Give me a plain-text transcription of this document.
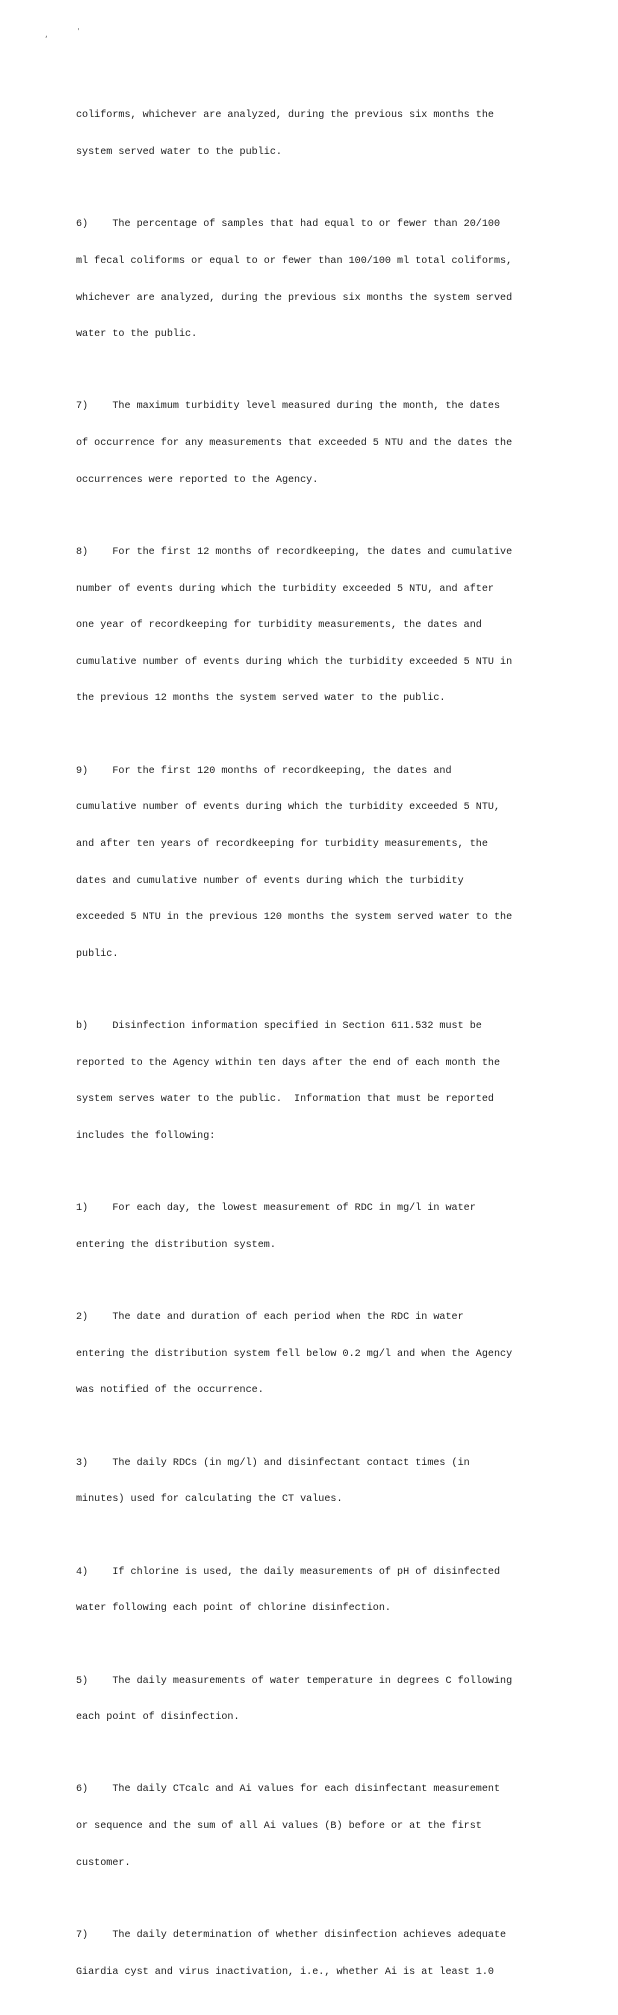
,	'

coliforms, whichever are analyzed, during the previous six months the

system served water to the public.

6)    The percentage of samples that had equal to or fewer than 20/100

ml fecal coliforms or equal to or fewer than 100/100 ml total coliforms,

whichever are analyzed, during the previous six months the system served

water to the public.

7)    The maximum turbidity level measured during the month, the dates

of occurrence for any measurements that exceeded 5 NTU and the dates the

occurrences were reported to the Agency.

8)    For the first 12 months of recordkeeping, the dates and cumulative

number of events during which the turbidity exceeded 5 NTU, and after

one year of recordkeeping for turbidity measurements, the dates and

cumulative number of events during which the turbidity exceeded 5 NTU in

the previous 12 months the system served water to the public.

9)    For the first 120 months of recordkeeping, the dates and

cumulative number of events during which the turbidity exceeded 5 NTU,

and after ten years of recordkeeping for turbidity measurements, the

dates and cumulative number of events during which the turbidity

exceeded 5 NTU in the previous 120 months the system served water to the

public.

b)    Disinfection information specified in Section 611.532 must be

reported to the Agency within ten days after the end of each month the

system serves water to the public.  Information that must be reported

includes the following:

1)    For each day, the lowest measurement of RDC in mg/l in water

entering the distribution system.

2)    The date and duration of each period when the RDC in water

entering the distribution system fell below 0.2 mg/l and when the Agency

was notified of the occurrence.

3)    The daily RDCs (in mg/l) and disinfectant contact times (in

minutes) used for calculating the CT values.

4)    If chlorine is used, the daily measurements of pH of disinfected

water following each point of chlorine disinfection.

5)    The daily measurements of water temperature in degrees C following

each point of disinfection.

6)    The daily CTcalc and Ai values for each disinfectant measurement

or sequence and the sum of all Ai values (B) before or at the first

customer.

7)    The daily determination of whether disinfection achieves adequate

Giardia cyst and virus inactivation, i.e., whether Ai is at least 1.0
